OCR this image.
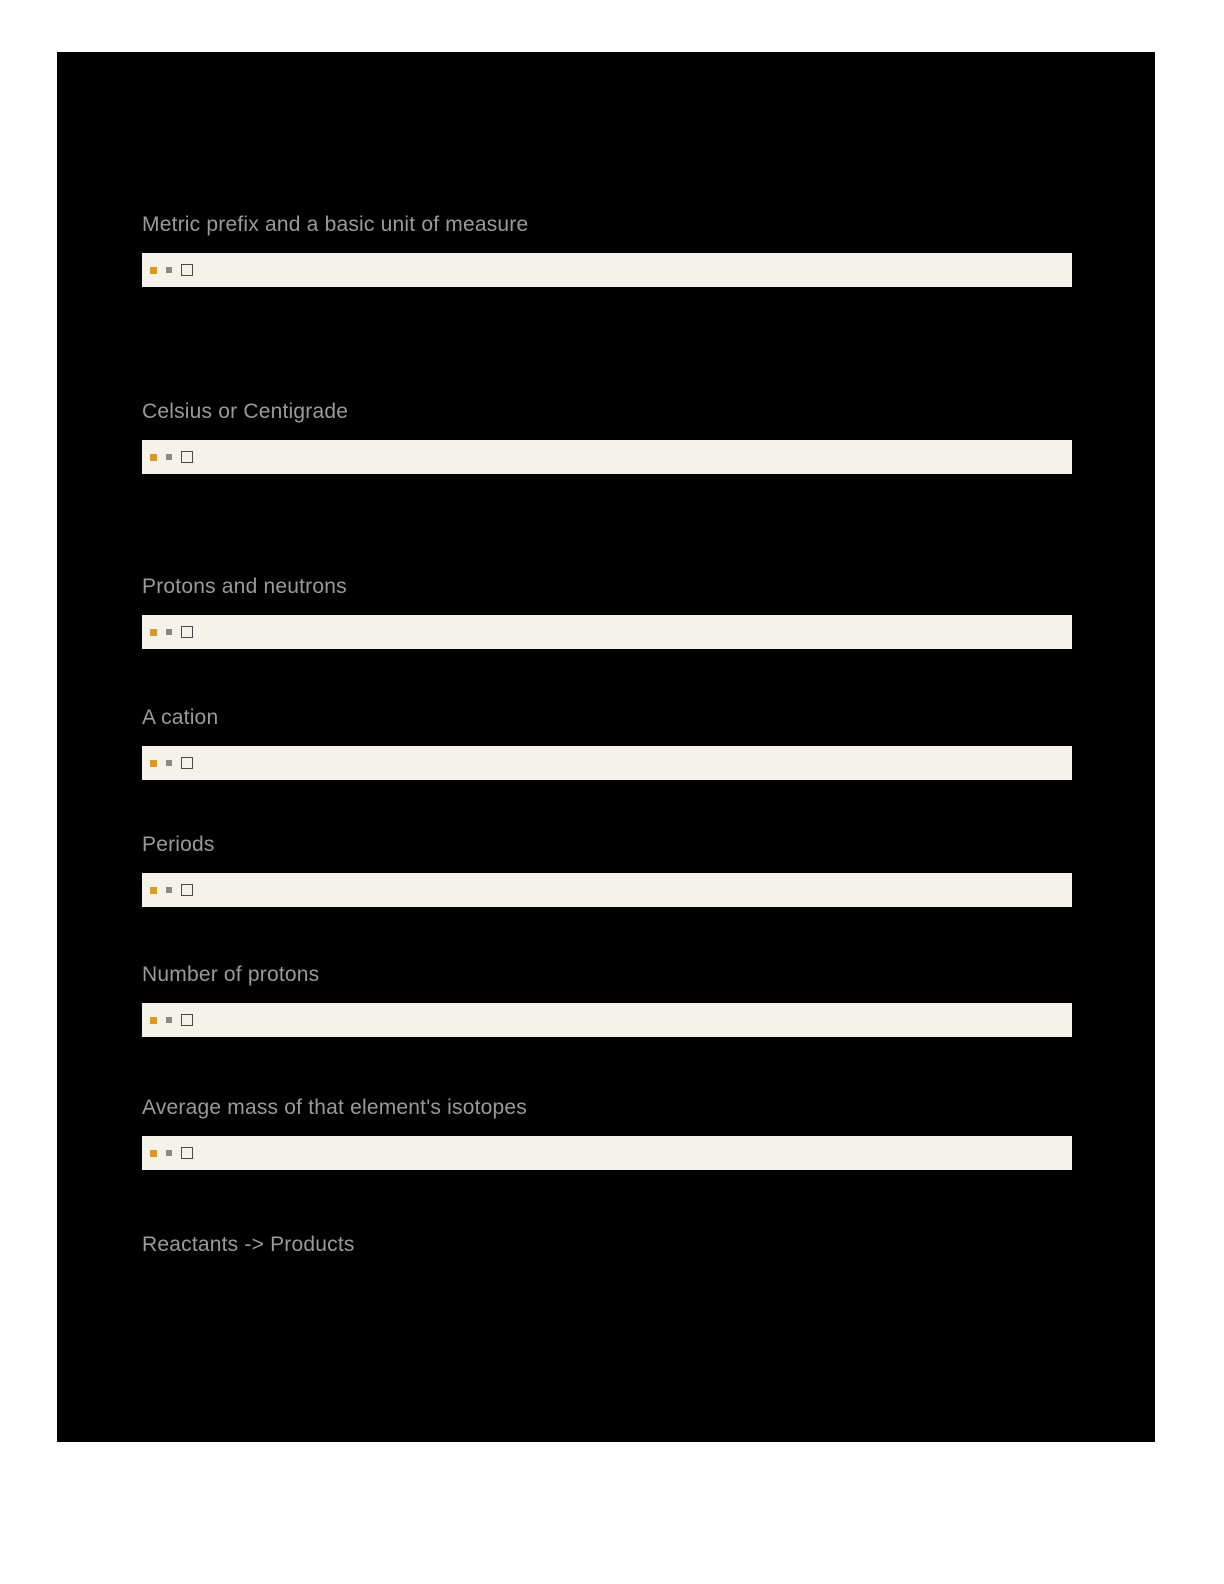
Metric prefix and a basic unit of measure
Celsius or Centigrade
Protons and neutrons
A cation
Periods
Number of protons
Average mass of that element's isotopes
Reactants -> Products
